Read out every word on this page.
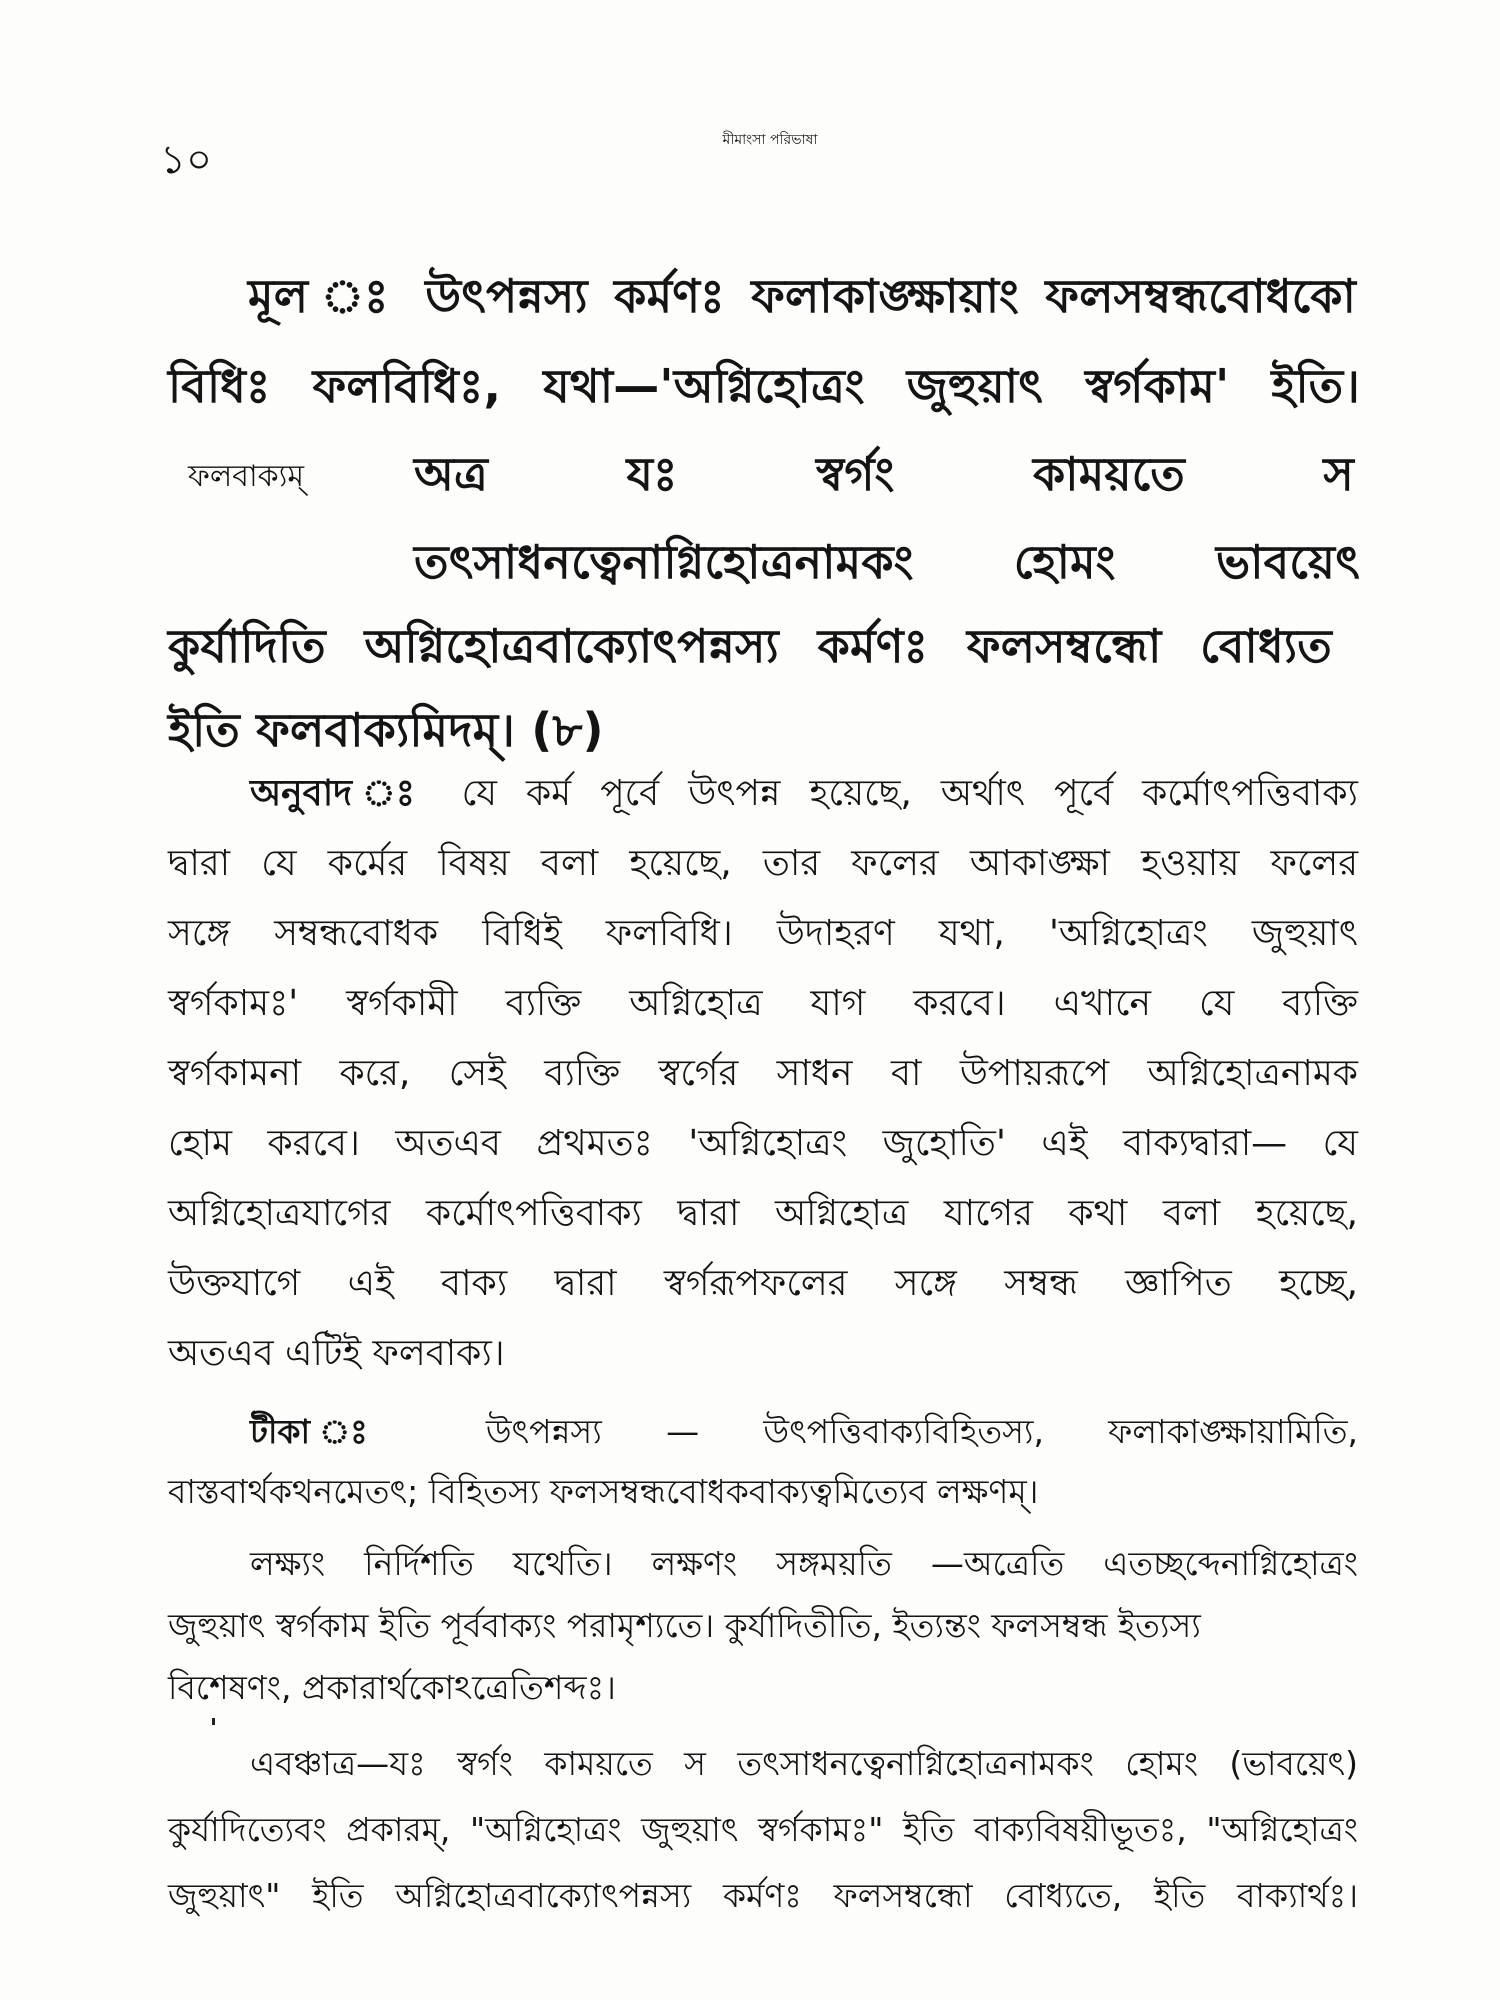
১০	মীমাংসা পরিভাষা
মূল ঃ উৎপন্নস্য কর্মণঃ ফলাকাঙ্ক্ষায়াং ফলসম্বন্ধবোধকো
বিধিঃ ফলবিধিঃ, যথা—'অগ্নিহোত্রং জুহুয়াৎ স্বর্গকাম' ইতি।
ফলবাক্যম্ অত্র যঃ স্বর্গং কাময়তে স
তৎসাধনত্বেনাগ্নিহোত্রনামকং হোমং ভাবয়েৎ
কুর্যাদিতি অগ্নিহোত্রবাক্যোৎপন্নস্য কর্মণঃ ফলসম্বন্ধো বোধ্যত
ইতি ফলবাক্যমিদম্। (৮)
অনুবাদ ঃ যে কর্ম পূর্বে উৎপন্ন হয়েছে, অর্থাৎ পূর্বে কর্মোৎপত্তিবাক্য
দ্বারা যে কর্মের বিষয় বলা হয়েছে, তার ফলের আকাঙ্ক্ষা হওয়ায় ফলের
সঙ্গে সম্বন্ধবোধক বিধিই ফলবিধি। উদাহরণ যথা, 'অগ্নিহোত্রং জুহুয়াৎ
স্বর্গকামঃ' স্বর্গকামী ব্যক্তি অগ্নিহোত্র যাগ করবে। এখানে যে ব্যক্তি
স্বর্গকামনা করে, সেই ব্যক্তি স্বর্গের সাধন বা উপায়রূপে অগ্নিহোত্রনামক
হোম করবে। অতএব প্রথমতঃ 'অগ্নিহোত্রং জুহোতি' এই বাক্যদ্বারা— যে
অগ্নিহোত্রযাগের কর্মোৎপত্তিবাক্য দ্বারা অগ্নিহোত্র যাগের কথা বলা হয়েছে,
উক্তযাগে এই বাক্য দ্বারা স্বর্গরূপফলের সঙ্গে সম্বন্ধ জ্ঞাপিত হচ্ছে,
অতএব এটিই ফলবাক্য।
টীকা ঃ উৎপন্নস্য — উৎপত্তিবাক্যবিহিতস্য, ফলাকাঙ্ক্ষায়ামিতি,
বাস্তবার্থকথনমেতৎ; বিহিতস্য ফলসম্বন্ধবোধকবাক্যত্বমিত্যেব লক্ষণম্।
লক্ষ্যং নির্দিশতি যথেতি। লক্ষণং সঙ্গময়তি —অত্রেতি এতচ্ছব্দেনাগ্নিহোত্রং
জুহুয়াৎ স্বর্গকাম ইতি পূর্ববাক্যং পরামৃশ্যতে। কুর্যাদিতীতি, ইত্যন্তং ফলসম্বন্ধ ইত্যস্য
বিশেষণং, প্রকারার্থকোঽত্রেতিশব্দঃ।
এবঞ্চাত্র—যঃ স্বর্গং কাময়তে স তৎসাধনত্বেনাগ্নিহোত্রনামকং হোমং (ভাবয়েৎ)
কুর্যাদিত্যেবং প্রকারম্, "অগ্নিহোত্রং জুহুয়াৎ স্বর্গকামঃ" ইতি বাক্যবিষয়ীভূতঃ, "অগ্নিহোত্রং
জুহুয়াৎ" ইতি অগ্নিহোত্রবাক্যোৎপন্নস্য কর্মণঃ ফলসম্বন্ধো বোধ্যতে, ইতি বাক্যার্থঃ।
